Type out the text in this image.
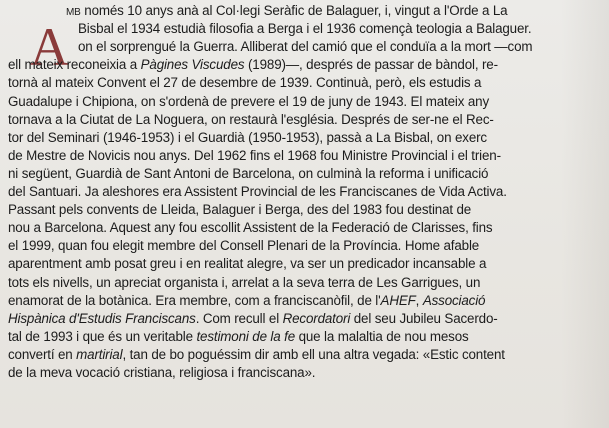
A
MB només 10 anys anà al Col·legi Seràfic de Balaguer, i, vingut a l'Orde a La
Bisbal el 1934 estudià filosofia a Berga i el 1936 començà teologia a Balaguer.
on el sorprengué la Guerra. Alliberat del camió que el conduïa a la mort —com
ell mateix reconeixia a Pàgines Viscudes (1989)—, després de passar de bàndol, re-
tornà al mateix Convent el 27 de desembre de 1939. Continuà, però, els estudis a
Guadalupe i Chipiona, on s'ordenà de prevere el 19 de juny de 1943. El mateix any
tornava a la Ciutat de La Noguera, on restaurà l'església. Després de ser-ne el Rec-
tor del Seminari (1946-1953) i el Guardià (1950-1953), passà a La Bisbal, on exerc
de Mestre de Novicis nou anys. Del 1962 fins el 1968 fou Ministre Provincial i el trien-
ni següent, Guardià de Sant Antoni de Barcelona, on culminà la reforma i unificació
del Santuari. Ja aleshores era Assistent Provincial de les Franciscanes de Vida Activa.
Passant pels convents de Lleida, Balaguer i Berga, des del 1983 fou destinat de
nou a Barcelona. Aquest any fou escollit Assistent de la Federació de Clarisses, fins
el 1999, quan fou elegit membre del Consell Plenari de la Província. Home afable
aparentment amb posat greu i en realitat alegre, va ser un predicador incansable a
tots els nivells, un apreciat organista i, arrelat a la seva terra de Les Garrigues, un
enamorat de la botànica. Era membre, com a franciscanòfil, de l'AHEF, Associació
Hispànica d'Estudis Franciscans. Com recull el Recordatori del seu Jubileu Sacerdo-
tal de 1993 i que és un veritable testimoni de la fe que la malaltia de nou mesos
convertí en martirial, tan de bo poguéssim dir amb ell una altra vegada: «Estic content
de la meva vocació cristiana, religiosa i franciscana».
